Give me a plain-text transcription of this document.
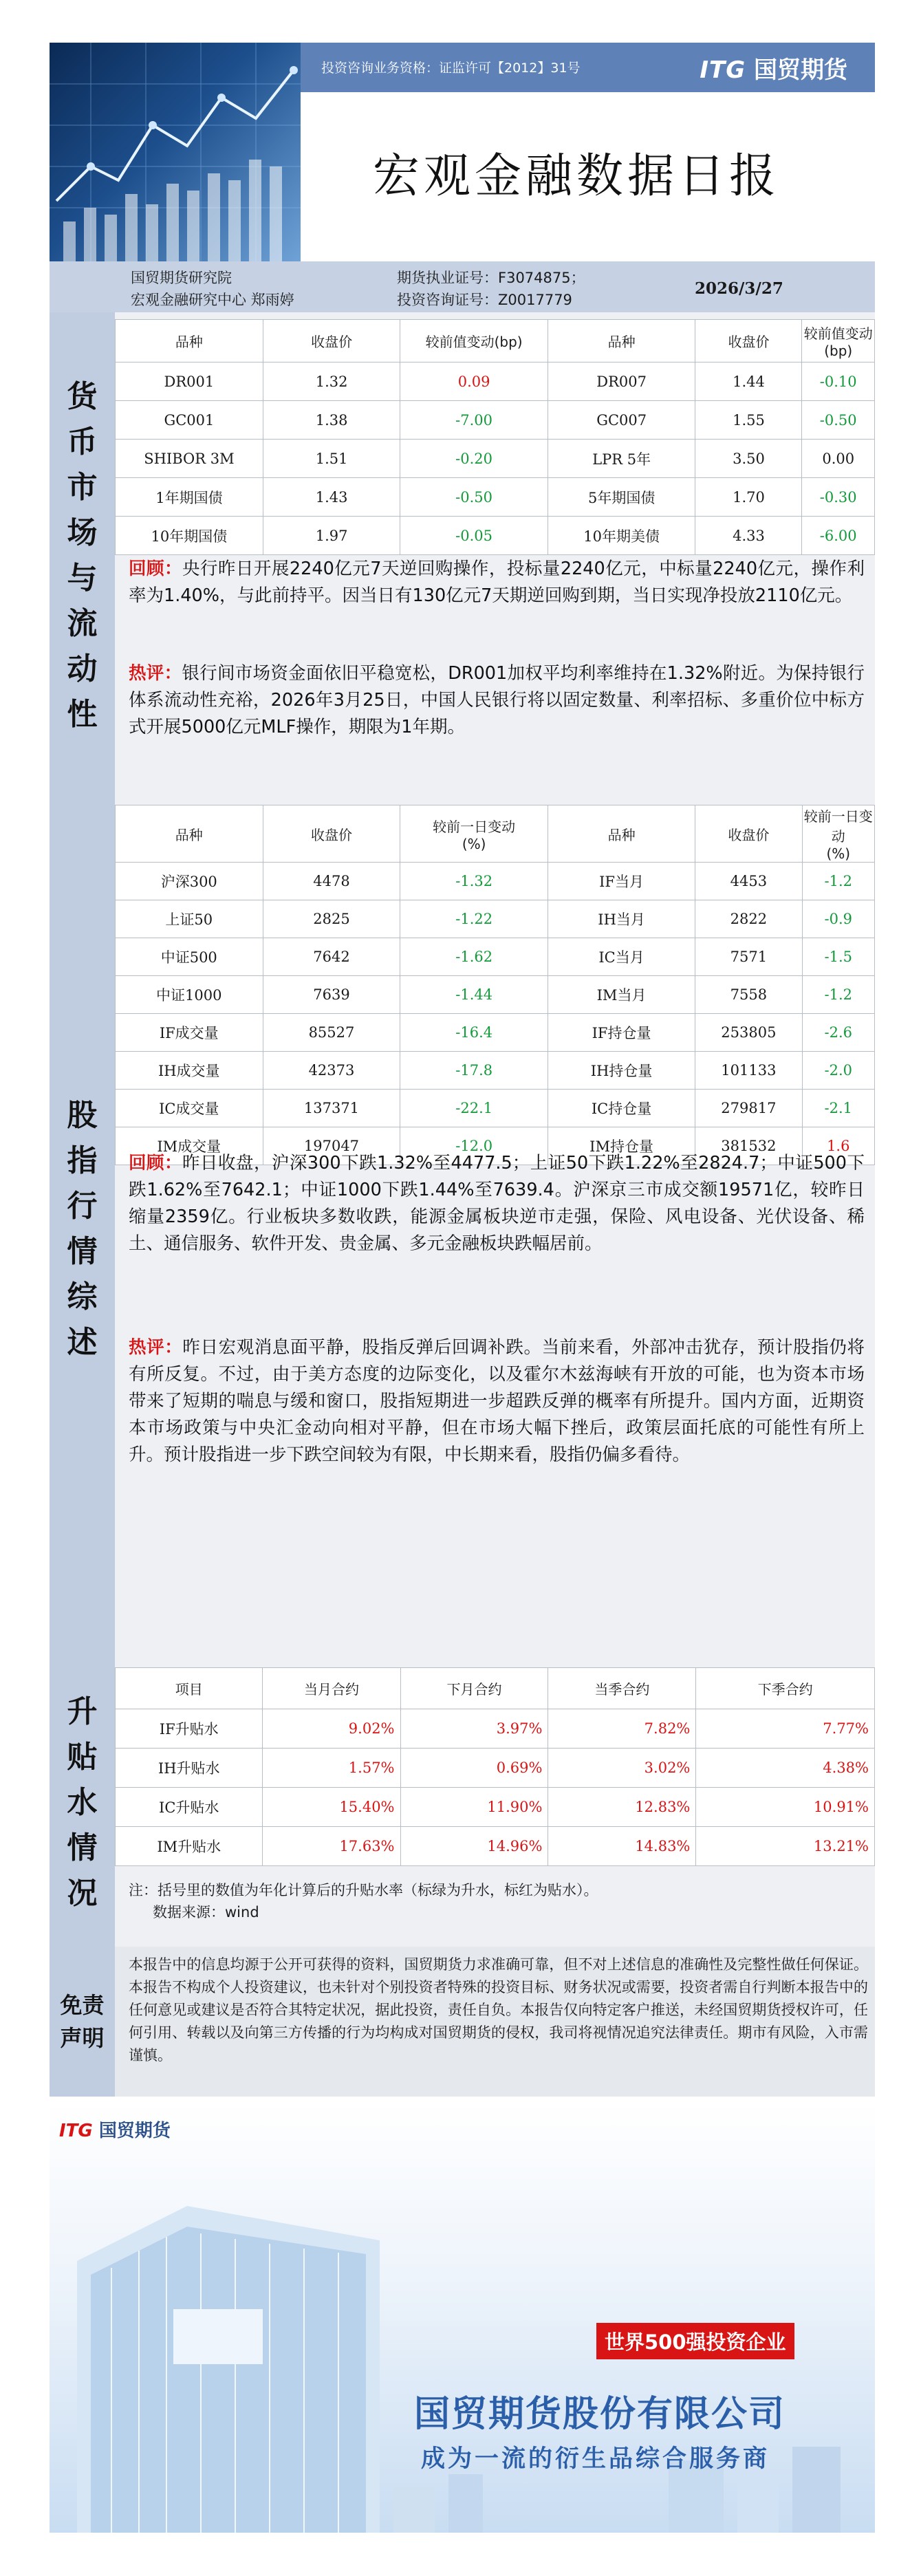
投资咨询业务资格：证监许可【2012】31号	ITG 国贸期货
宏观金融数据日报
国贸期货研究院
宏观金融研究中心 郑雨婷
期货执业证号：F3074875；
投资咨询证号：Z0017779
2026/3/27
货币市场与流动性
品种	收盘价	较前值变动(bp)	品种	收盘价	较前值变动
(bp)
DR001	1.32	0.09	DR007	1.44	-0.10
GC001	1.38	-7.00	GC007	1.55	-0.50
SHIBOR 3M	1.51	-0.20	LPR 5年	3.50	0.00
1年期国债	1.43	-0.50	5年期国债	1.70	-0.30
10年期国债	1.97	-0.05	10年期美债	4.33	-6.00
回顾：央行昨日开展2240亿元7天逆回购操作，投标量2240亿元，中标量2240亿元，操作利率为1.40%，与此前持平。因当日有130亿元7天期逆回购到期，当日实现净投放2110亿元。
热评：银行间市场资金面依旧平稳宽松，DR001加权平均利率维持在1.32%附近。为保持银行体系流动性充裕，2026年3月25日，中国人民银行将以固定数量、利率招标、多重价位中标方式开展5000亿元MLF操作，期限为1年期。
股指行情综述
品种	收盘价	较前一日变动
(%)	品种	收盘价	较前一日变动
(%)
沪深300	4478	-1.32	IF当月	4453	-1.2
上证50	2825	-1.22	IH当月	2822	-0.9
中证500	7642	-1.62	IC当月	7571	-1.5
中证1000	7639	-1.44	IM当月	7558	-1.2
IF成交量	85527	-16.4	IF持仓量	253805	-2.6
IH成交量	42373	-17.8	IH持仓量	101133	-2.0
IC成交量	137371	-22.1	IC持仓量	279817	-2.1
IM成交量	197047	-12.0	IM持仓量	381532	1.6
回顾：昨日收盘，沪深300下跌1.32%至4477.5；上证50下跌1.22%至2824.7；中证500下跌1.62%至7642.1；中证1000下跌1.44%至7639.4。沪深京三市成交额19571亿，较昨日缩量2359亿。行业板块多数收跌，能源金属板块逆市走强，保险、风电设备、光伏设备、稀土、通信服务、软件开发、贵金属、多元金融板块跌幅居前。
热评：昨日宏观消息面平静，股指反弹后回调补跌。当前来看，外部冲击犹存，预计股指仍将有所反复。不过，由于美方态度的边际变化，以及霍尔木兹海峡有开放的可能，也为资本市场带来了短期的喘息与缓和窗口，股指短期进一步超跌反弹的概率有所提升。国内方面，近期资本市场政策与中央汇金动向相对平静，但在市场大幅下挫后，政策层面托底的可能性有所上升。预计股指进一步下跌空间较为有限，中长期来看，股指仍偏多看待。
升贴水情况
项目	当月合约	下月合约	当季合约	下季合约
IF升贴水	9.02%	3.97%	7.82%	7.77%
IH升贴水	1.57%	0.69%	3.02%	4.38%
IC升贴水	15.40%	11.90%	12.83%	10.91%
IM升贴水	17.63%	14.96%	14.83%	13.21%
注：括号里的数值为年化计算后的升贴水率（标绿为升水，标红为贴水）。
数据来源：wind
免责声明
本报告中的信息均源于公开可获得的资料，国贸期货力求准确可靠，但不对上述信息的准确性及完整性做任何保证。本报告不构成个人投资建议，也未针对个别投资者特殊的投资目标、财务状况或需要，投资者需自行判断本报告中的任何意见或建议是否符合其特定状况，据此投资，责任自负。本报告仅向特定客户推送，未经国贸期货授权许可，任何引用、转载以及向第三方传播的行为均构成对国贸期货的侵权，我司将视情况追究法律责任。期市有风险，入市需谨慎。
ITG 国贸期货
世界500强投资企业
国贸期货股份有限公司
成为一流的衍生品综合服务商
